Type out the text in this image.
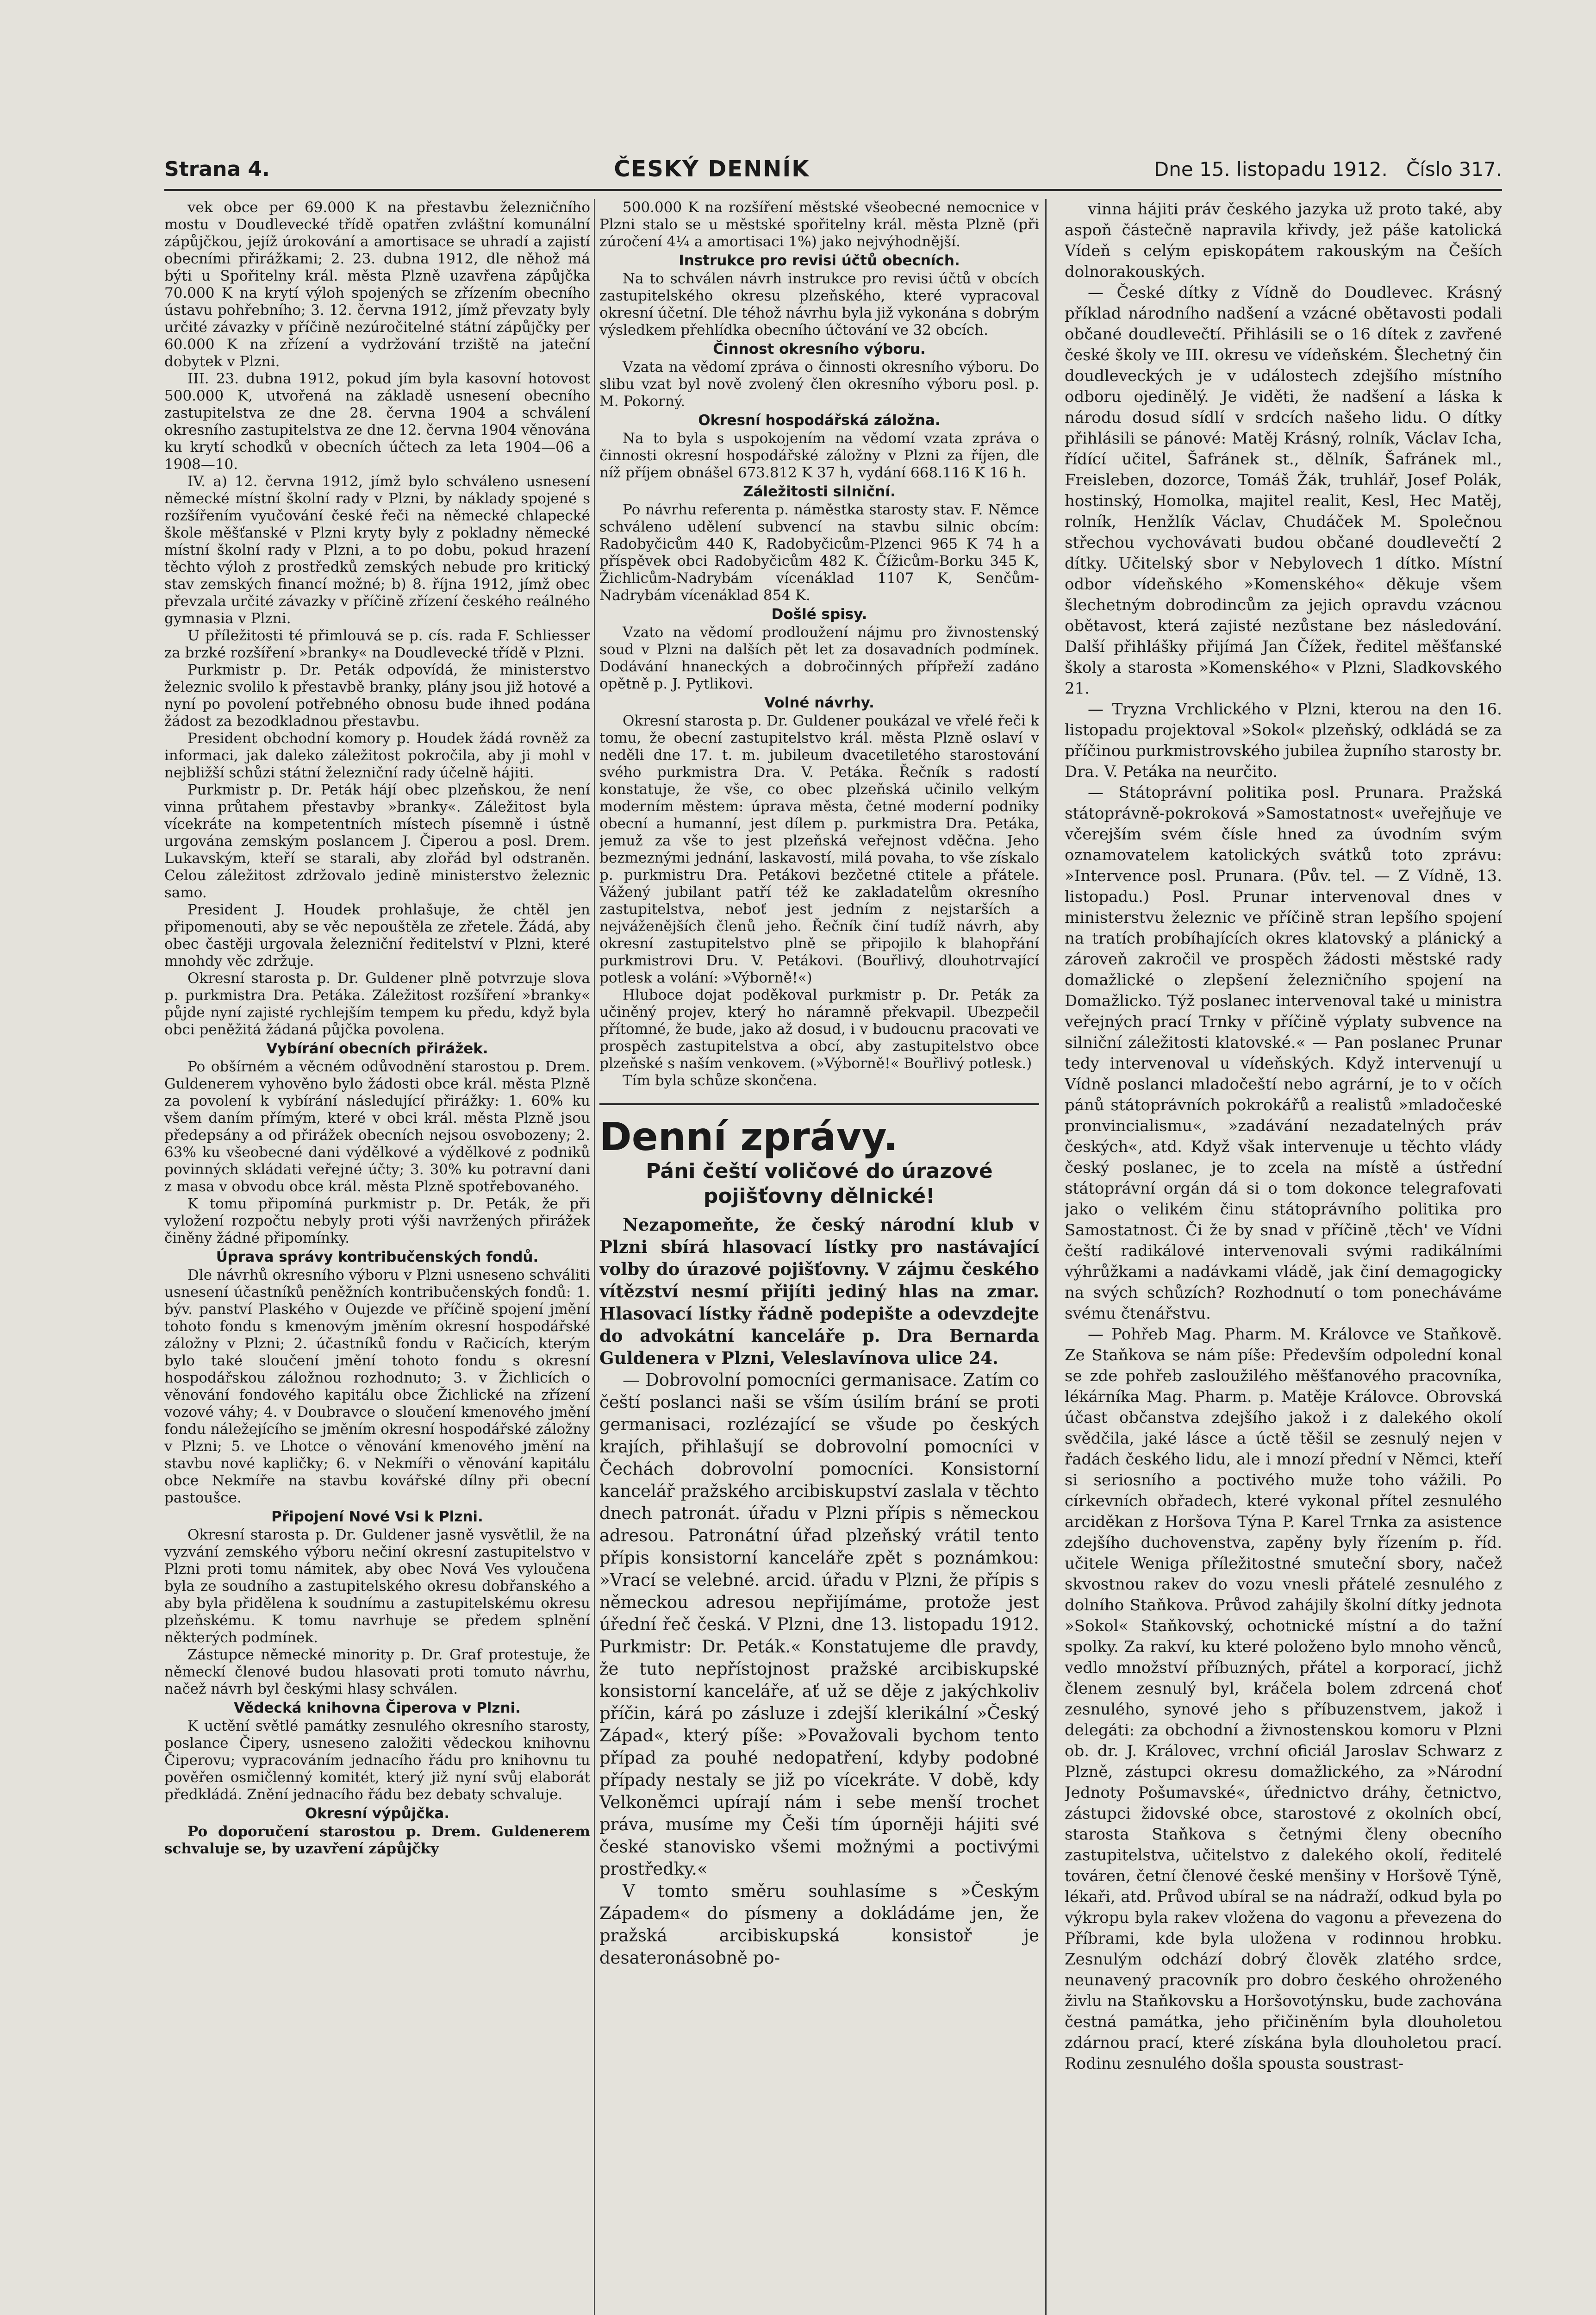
Strana 4.	ČESKÝ DENNÍK	Dne 15. listopadu 1912. Číslo 317.

vek obce per 69.000 K na přestavbu železničního mostu v Doudlevecké třídě opatřen zvláštní komunální zápůjčkou, jejíž úrokování a amortisace se uhradí a zajistí obecními přirážkami; 2. 23. dubna 1912, dle něhož má býti u Spořitelny král. města Plzně uzavřena zápůjčka 70.000 K na krytí výloh spojených se zřízením obecního ústavu pohřebního; 3. 12. června 1912, jímž převzaty byly určité závazky v příčině nezúročitelné státní zápůjčky per 60.000 K na zřízení a vydržování trziště na jateční dobytek v Plzni.

III. 23. dubna 1912, pokud jím byla kasovní hotovost 500.000 K, utvořená na základě usnesení obecního zastupitelstva ze dne 28. června 1904 a schválení okresního zastupitelstva ze dne 12. června 1904 věnována ku krytí schodků v obecních účtech za leta 1904—06 a 1908—10.

IV. a) 12. června 1912, jímž bylo schváleno usnesení německé místní školní rady v Plzni, by náklady spojené s rozšířením vyučování české řeči na německé chlapecké škole měšťanské v Plzni kryty byly z pokladny německé místní školní rady v Plzni, a to po dobu, pokud hrazení těchto výloh z prostředků zemských nebude pro kritický stav zemských financí možné; b) 8. října 1912, jímž obec převzala určité závazky v příčině zřízení českého reálného gymnasia v Plzni.

U příležitosti té přimlouvá se p. cís. rada F. Schliesser za brzké rozšíření »branky« na Doudlevecké třídě v Plzni.

Purkmistr p. Dr. Peták odpovídá, že ministerstvo železnic svolilo k přestavbě branky, plány jsou již hotové a nyní po povolení potřebného obnosu bude ihned podána žádost za bezodkladnou přestavbu.

President obchodní komory p. Houdek žádá rovněž za informaci, jak daleko záležitost pokročila, aby ji mohl v nejbližší schůzi státní železniční rady účelně hájiti.

Purkmistr p. Dr. Peták hájí obec plzeňskou, že není vinna průtahem přestavby »branky«. Záležitost byla vícekráte na kompetentních místech písemně i ústně urgována zemským poslancem J. Čiperou a posl. Drem. Lukavským, kteří se starali, aby zlořád byl odstraněn. Celou záležitost zdržovalo jedině ministerstvo železnic samo.

President J. Houdek prohlašuje, že chtěl jen připomenouti, aby se věc nepouštěla ze zřetele. Žádá, aby obec častěji urgovala železniční ředitelství v Plzni, které mnohdy věc zdržuje.

Okresní starosta p. Dr. Guldener plně potvrzuje slova p. purkmistra Dra. Petáka. Záležitost rozšíření »branky« půjde nyní zajisté rychlejším tempem ku předu, když byla obci peněžitá žádaná půjčka povolena.

Vybírání obecních přirážek.

Po obšírném a věcném odůvodnění starostou p. Drem. Guldenerem vyhověno bylo žádosti obce král. města Plzně za povolení k vybírání následující přirážky: 1. 60% ku všem daním přímým, které v obci král. města Plzně jsou předepsány a od přirážek obecních nejsou osvobozeny; 2. 63% ku všeobecné dani výdělkové a výdělkové z podniků povinných skládati veřejné účty; 3. 30% ku potravní dani z masa v obvodu obce král. města Plzně spotřebovaného.

K tomu připomíná purkmistr p. Dr. Peták, že při vyložení rozpočtu nebyly proti výši navržených přirážek činěny žádné připomínky.

Úprava správy kontribučenských fondů.

Dle návrhů okresního výboru v Plzni usneseno schváliti usnesení účastníků peněžních kontribučenských fondů: 1. býv. panství Plaského v Oujezde ve příčině spojení jmění tohoto fondu s kmenovým jměním okresní hospodářské záložny v Plzni; 2. účastníků fondu v Račicích, kterým bylo také sloučení jmění tohoto fondu s okresní hospodářskou záložnou rozhodnuto; 3. v Žichlicích o věnování fondového kapitálu obce Žichlické na zřízení vozové váhy; 4. v Doubravce o sloučení kmenového jmění fondu náležejícího se jměním okresní hospodářské záložny v Plzni; 5. ve Lhotce o věnování kmenového jmění na stavbu nové kapličky; 6. v Nekmíři o věnování kapitálu obce Nekmíře na stavbu kovářské dílny při obecní pastoušce.

Připojení Nové Vsi k Plzni.

Okresní starosta p. Dr. Guldener jasně vysvětlil, že na vyzvání zemského výboru nečiní okresní zastupitelstvo v Plzni proti tomu námitek, aby obec Nová Ves vyloučena byla ze soudního a zastupitelského okresu dobřanského a aby byla přidělena k soudnímu a zastupitelskému okresu plzeňskému. K tomu navrhuje se předem splnění některých podmínek.

Zástupce německé minority p. Dr. Graf protestuje, že německí členové budou hlasovati proti tomuto návrhu, načež návrh byl českými hlasy schválen.

Vědecká knihovna Čiperova v Plzni.

K uctění světlé památky zesnulého okresního starosty, poslance Čipery, usneseno založiti vědeckou knihovnu Čiperovu; vypracováním jednacího řádu pro knihovnu tu pověřen osmičlenný komitét, který již nyní svůj elaborát předkládá. Znění jednacího řádu bez debaty schvaluje.

Okresní výpůjčka.

Po doporučení starostou p. Drem. Guldenerem schvaluje se, by uzavření zápůjčky

500.000 K na rozšíření městské všeobecné nemocnice v Plzni stalo se u městské spořitelny král. města Plzně (při zúročení 4¼ a amortisaci 1%) jako nejvýhodnější.

Instrukce pro revisi účtů obecních.

Na to schválen návrh instrukce pro revisi účtů v obcích zastupitelského okresu plzeňského, které vypracoval okresní účetní. Dle téhož návrhu byla již vykonána s dobrým výsledkem přehlídka obecního účtování ve 32 obcích.

Činnost okresního výboru.

Vzata na vědomí zpráva o činnosti okresního výboru. Do slibu vzat byl nově zvolený člen okresního výboru posl. p. M. Pokorný.

Okresní hospodářská záložna.

Na to byla s uspokojením na vědomí vzata zpráva o činnosti okresní hospodářské záložny v Plzni za říjen, dle níž příjem obnášel 673.812 K 37 h, vydání 668.116 K 16 h.

Záležitosti silniční.

Po návrhu referenta p. náměstka starosty stav. F. Němce schváleno udělení subvencí na stavbu silnic obcím: Radobyčicům 440 K, Radobyčicům-Plzenci 965 K 74 h a příspěvek obci Radobyčicům 482 K. Čížicům-Borku 345 K, Žichlicům-Nadrybám vícenáklad 1107 K, Senčům-Nadrybám vícenáklad 854 K.

Došlé spisy.

Vzato na vědomí prodloužení nájmu pro živnostenský soud v Plzni na dalších pět let za dosavadních podmínek. Dodávání hnaneckých a dobročinných přípřeží zadáno opětně p. J. Pytlikovi.

Volné návrhy.

Okresní starosta p. Dr. Guldener poukázal ve vřelé řeči k tomu, že obecní zastupitelstvo král. města Plzně oslaví v neděli dne 17. t. m. jubileum dvacetiletého starostování svého purkmistra Dra. V. Petáka. Řečník s radostí konstatuje, že vše, co obec plzeňská učinilo velkým moderním městem: úprava města, četné moderní podniky obecní a humanní, jest dílem p. purkmistra Dra. Petáka, jemuž za vše to jest plzeňská veřejnost vděčna. Jeho bezmeznými jednání, laskavostí, milá povaha, to vše získalo p. purkmistru Dra. Petákovi bezčetné ctitele a přátele. Vážený jubilant patří též ke zakladatelům okresního zastupitelstva, neboť jest jedním z nejstarších a nejváženějších členů jeho. Řečník činí tudíž návrh, aby okresní zastupitelstvo plně se připojilo k blahopřání purkmistrovi Dru. V. Petákovi. (Bouřlivý, dlouhotrvající potlesk a volání: »Výborně!«)

Hluboce dojat poděkoval purkmistr p. Dr. Peták za učiněný projev, který ho náramně překvapil. Ubezpečil přítomné, že bude, jako až dosud, i v budoucnu pracovati ve prospěch zastupitelstva a obcí, aby zastupitelstvo obce plzeňské s naším venkovem. (»Výborně!« Bouřlivý potlesk.)

Tím byla schůze skončena.

Denní zprávy.
Páni čeští voličové do úrazové
pojišťovny dělnické!

Nezapomeňte, že český národní klub v Plzni sbírá hlasovací lístky pro nastávající volby do úrazové pojišťovny. V zájmu českého vítězství nesmí přijíti jediný hlas na zmar. Hlasovací lístky řádně podepište a odevzdejte do advokátní kanceláře p. Dra Bernarda Guldenera v Plzni, Veleslavínova ulice 24.

— Dobrovolní pomocníci germanisace. Zatím co čeští poslanci naši se vším úsilím brání se proti germanisaci, rozlézající se všude po českých krajích, přihlašují se dobrovolní pomocníci v Čechách dobrovolní pomocníci. Konsistorní kancelář pražského arcibiskupství zaslala v těchto dnech patronát. úřadu v Plzni přípis s německou adresou. Patronátní úřad plzeňský vrátil tento přípis konsistorní kanceláře zpět s poznámkou: »Vrací se velebné. arcid. úřadu v Plzni, že přípis s německou adresou nepřijímáme, protože jest úřední řeč česká. V Plzni, dne 13. listopadu 1912. Purkmistr: Dr. Peták.« Konstatujeme dle pravdy, že tuto nepřístojnost pražské arcibiskupské konsistorní kanceláře, ať už se děje z jakýchkoliv příčin, kárá po zásluze i zdejší klerikální »Český Západ«, který píše: »Považovali bychom tento případ za pouhé nedopatření, kdyby podobné případy nestaly se již po vícekráte. V době, kdy Velkoněmci upírají nám i sebe menší trochet práva, musíme my Češi tím úporněji hájiti své české stanovisko všemi možnými a poctivými prostředky.«

V tomto směru souhlasíme s »Českým Západem« do písmeny a dokládáme jen, že pražská arcibiskupská konsistoř je desateronásobně po-

vinna hájiti práv českého jazyka už proto také, aby aspoň částečně napravila křivdy, jež páše katolická Vídeň s celým episkopátem rakouským na Češích dolnorakouských.

— České dítky z Vídně do Doudlevec. Krásný příklad národního nadšení a vzácné obětavosti podali občané doudlevečtí. Přihlásili se o 16 dítek z zavřené české školy ve III. okresu ve vídeňském. Šlechetný čin doudleveckých je v událostech zdejšího místního odboru ojedinělý. Je viděti, že nadšení a láska k národu dosud sídlí v srdcích našeho lidu. O dítky přihlásili se pánové: Matěj Krásný, rolník, Václav Icha, řídící učitel, Šafránek st., dělník, Šafránek ml., Freisleben, dozorce, Tomáš Žák, truhlář, Josef Polák, hostinský, Homolka, majitel realit, Kesl, Hec Matěj, rolník, Henžlík Václav, Chudáček M. Společnou střechou vychovávati budou občané doudlevečtí 2 dítky. Učitelský sbor v Nebylovech 1 dítko. Místní odbor vídeňského »Komenského« děkuje všem šlechetným dobrodincům za jejich opravdu vzácnou obětavost, která zajisté nezůstane bez následování. Další přihlášky přijímá Jan Čížek, ředitel měšťanské školy a starosta »Komenského« v Plzni, Sladkovského 21.

— Tryzna Vrchlického v Plzni, kterou na den 16. listopadu projektoval »Sokol« plzeňský, odkládá se za příčinou purkmistrovského jubilea župního starosty br. Dra. V. Petáka na neurčito.

— Státoprávní politika posl. Prunara. Pražská státoprávně-pokroková »Samostatnost« uveřejňuje ve včerejším svém čísle hned za úvodním svým oznamovatelem katolických svátků toto zprávu: »Intervence posl. Prunara. (Pův. tel. — Z Vídně, 13. listopadu.) Posl. Prunar intervenoval dnes v ministerstvu železnic ve příčině stran lepšího spojení na tratích probíhajících okres klatovský a plánický a zároveň zakročil ve prospěch žádosti městské rady domažlické o zlepšení železničního spojení na Domažlicko. Týž poslanec intervenoval také u ministra veřejných prací Trnky v příčině výplaty subvence na silniční záležitosti klatovské.« — Pan poslanec Prunar tedy intervenoval u vídeňských. Když intervenují u Vídně poslanci mladočeští nebo agrární, je to v očích pánů státoprávních pokrokářů a realistů »mladočeské pronvincialismu«, »zadávání nezadatelných práv českých«, atd. Když však intervenuje u těchto vlády český poslanec, je to zcela na místě a ústřední státoprávní orgán dá si o tom dokonce telegrafovati jako o velikém činu státoprávního politika pro Samostatnost. Či že by snad v příčině ,těch' ve Vídni čeští radikálové intervenovali svými radikálními výhrůžkami a nadávkami vládě, jak činí demagogicky na svých schůzích? Rozhodnutí o tom ponecháváme svému čtenářstvu.

— Pohřeb Mag. Pharm. M. Královce ve Staňkově. Ze Staňkova se nám píše: Především odpolední konal se zde pohřeb zasloužilého měšťanového pracovníka, lékárníka Mag. Pharm. p. Matěje Královce. Obrovská účast občanstva zdejšího jakož i z dalekého okolí svědčila, jaké lásce a úctě těšil se zesnulý nejen v řadách českého lidu, ale i mnozí přední v Němci, kteří si seriosního a poctivého muže toho vážili. Po církevních obřadech, které vykonal přítel zesnulého arciděkan z Horšova Týna P. Karel Trnka za asistence zdejšího duchovenstva, zapěny byly řízením p. říd. učitele Weniga příležitostné smuteční sbory, načež skvostnou rakev do vozu vnesli přátelé zesnulého z dolního Staňkova. Průvod zahájily školní dítky jednota »Sokol« Staňkovský, ochotnické místní a do tažní spolky. Za rakví, ku které položeno bylo mnoho věnců, vedlo množství příbuzných, přátel a korporací, jichž členem zesnulý byl, kráčela bolem zdrcená choť zesnulého, synové jeho s příbuzenstvem, jakož i delegáti: za obchodní a živnostenskou komoru v Plzni ob. dr. J. Královec, vrchní oficiál Jaroslav Schwarz z Plzně, zástupci okresu domažlického, za »Národní Jednoty Pošumavské«, úřednictvo dráhy, četnictvo, zástupci židovské obce, starostové z okolních obcí, starosta Staňkova s četnými členy obecního zastupitelstva, učitelstvo z dalekého okolí, ředitelé továren, četní členové české menšiny v Horšově Týně, lékaři, atd. Průvod ubíral se na nádraží, odkud byla po výkropu byla rakev vložena do vagonu a převezena do Příbrami, kde byla uložena v rodinnou hrobku. Zesnulým odchází dobrý člověk zlatého srdce, neunavený pracovník pro dobro českého ohroženého živlu na Staňkovsku a Horšovotýnsku, bude zachována čestná památka, jeho přičiněním byla dlouholetou zdárnou prací, které získána byla dlouholetou prací. Rodinu zesnulého došla spousta soustrast-
